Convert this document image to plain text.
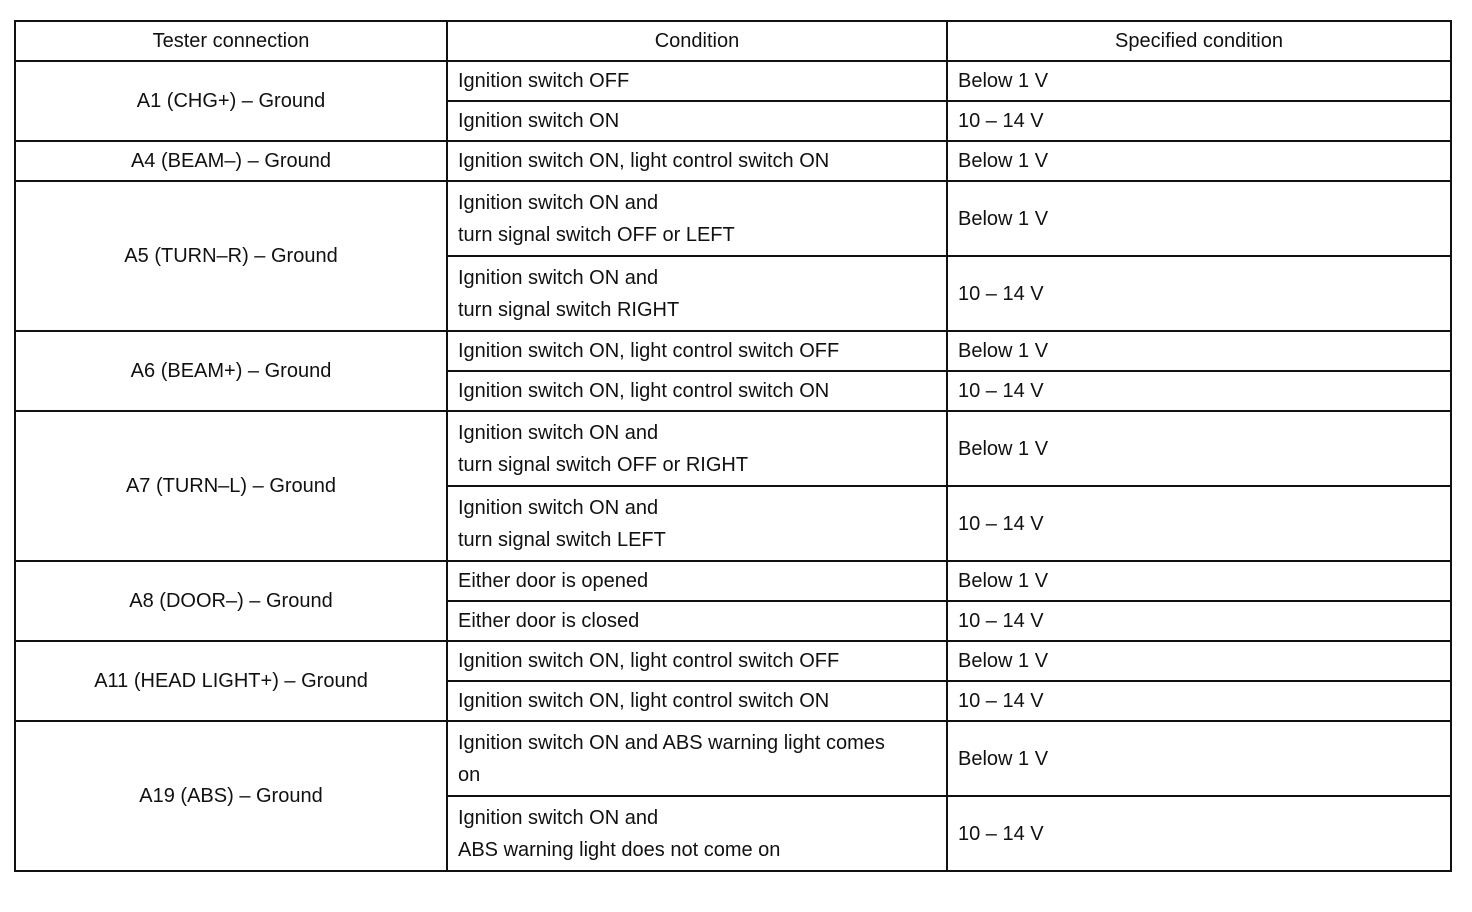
Tester connection	Condition	Specified condition
A1 (CHG+) – Ground	Ignition switch OFF	Below 1 V

	Ignition switch ON	10 – 14 V
A4 (BEAM–) – Ground	Ignition switch ON, light control switch ON	Below 1 V
A5 (TURN–R) – Ground	Ignition switch ON and
turn signal switch OFF or LEFT	Below 1 V

	Ignition switch ON and
turn signal switch RIGHT	10 – 14 V
A6 (BEAM+) – Ground	Ignition switch ON, light control switch OFF	Below 1 V

	Ignition switch ON, light control switch ON	10 – 14 V
A7 (TURN–L) – Ground	Ignition switch ON and
turn signal switch OFF or RIGHT	Below 1 V

	Ignition switch ON and
turn signal switch LEFT	10 – 14 V
A8 (DOOR–) – Ground	Either door is opened	Below 1 V

	Either door is closed	10 – 14 V
A11 (HEAD LIGHT+) – Ground	Ignition switch ON, light control switch OFF	Below 1 V

	Ignition switch ON, light control switch ON	10 – 14 V
A19 (ABS) – Ground	Ignition switch ON and ABS warning light comes
on	Below 1 V

	Ignition switch ON and
ABS warning light does not come on	10 – 14 V
